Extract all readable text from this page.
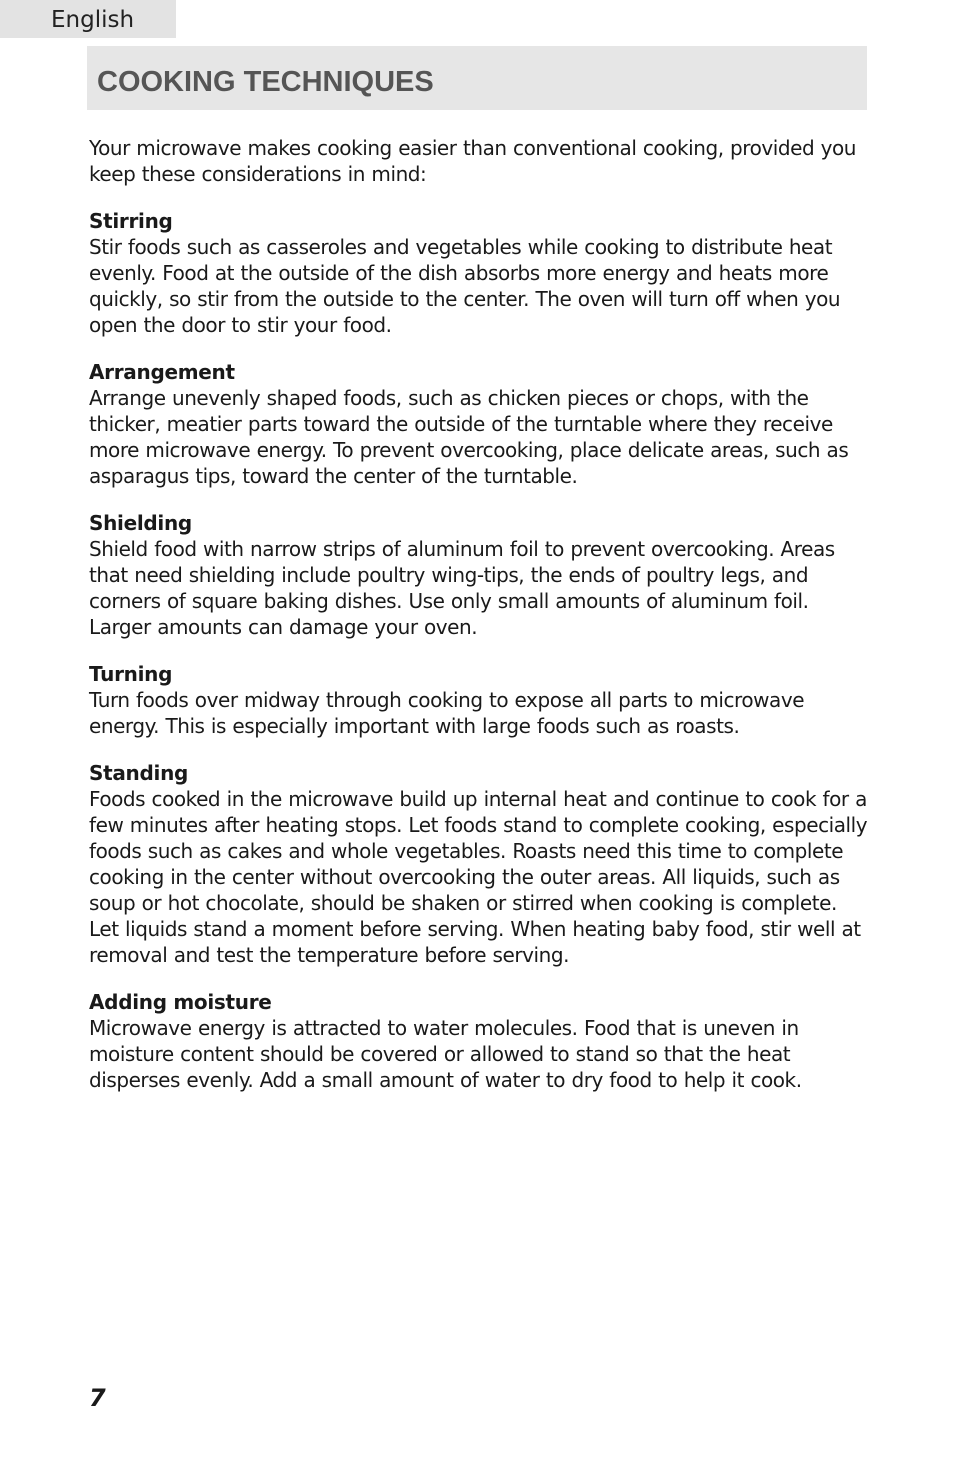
English
COOKING TECHNIQUES

Your microwave makes cooking easier than conventional cooking, provided you keep these considerations in mind:

Stirring

Stir foods such as casseroles and vegetables while cooking to distribute heat evenly. Food at the outside of the dish absorbs more energy and heats more quickly, so stir from the outside to the center. The oven will turn off when you open the door to stir your food.

Arrangement

Arrange unevenly shaped foods, such as chicken pieces or chops, with the thicker, meatier parts toward the outside of the turntable where they receive more microwave energy. To prevent overcooking, place delicate areas, such as asparagus tips, toward the center of the turntable.

Shielding

Shield food with narrow strips of aluminum foil to prevent overcooking. Areas that need shielding include poultry wing-tips, the ends of poultry legs, and corners of square baking dishes. Use only small amounts of aluminum foil. Larger amounts can damage your oven.

Turning

Turn foods over midway through cooking to expose all parts to microwave energy. This is especially important with large foods such as roasts.

Standing

Foods cooked in the microwave build up internal heat and continue to cook for a few minutes after heating stops. Let foods stand to complete cooking, especially foods such as cakes and whole vegetables. Roasts need this time to complete cooking in the center without overcooking the outer areas. All liquids, such as soup or hot chocolate, should be shaken or stirred when cooking is complete. Let liquids stand a moment before serving. When heating baby food, stir well at removal and test the temperature before serving.

Adding moisture

Microwave energy is attracted to water molecules. Food that is uneven in moisture content should be covered or allowed to stand so that the heat disperses evenly. Add a small amount of water to dry food to help it cook.

7
